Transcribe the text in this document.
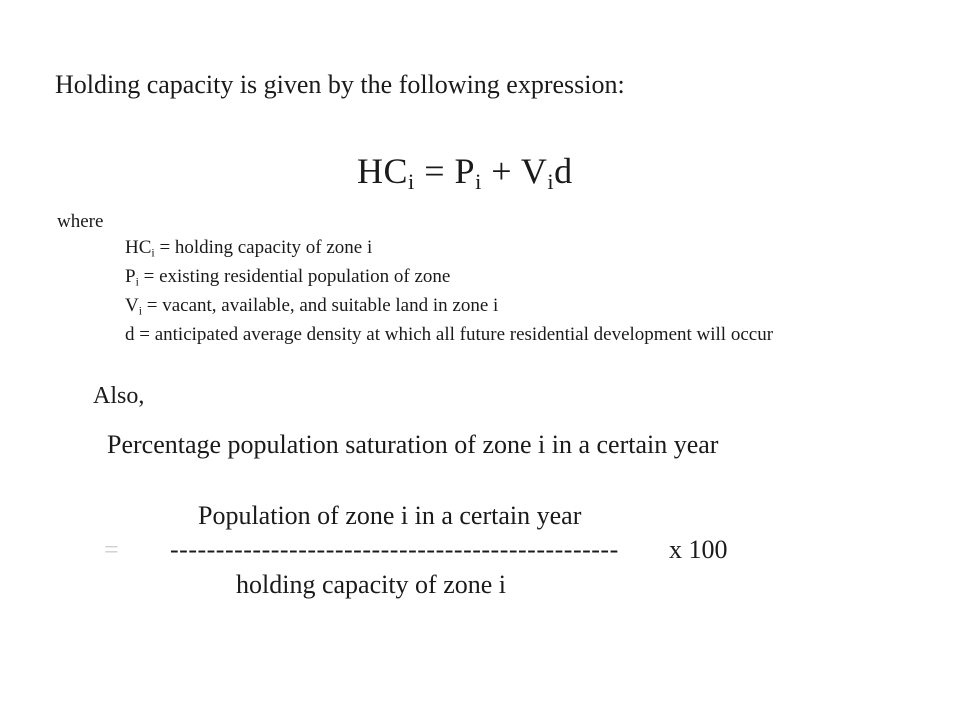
Holding capacity is given by the following expression:
$HC_i = P_i + V_id$
where
$HC_i$ = holding capacity of zone i
$P_i$ = existing residential population of zone
$V_i$ = vacant, available, and suitable land in zone i
d = anticipated average density at which all future residential development will occur
Also,
Percentage population saturation of zone i in a certain year
Population of zone i in a certain year
= ------------------------------------------------- x 100
holding capacity of zone i
